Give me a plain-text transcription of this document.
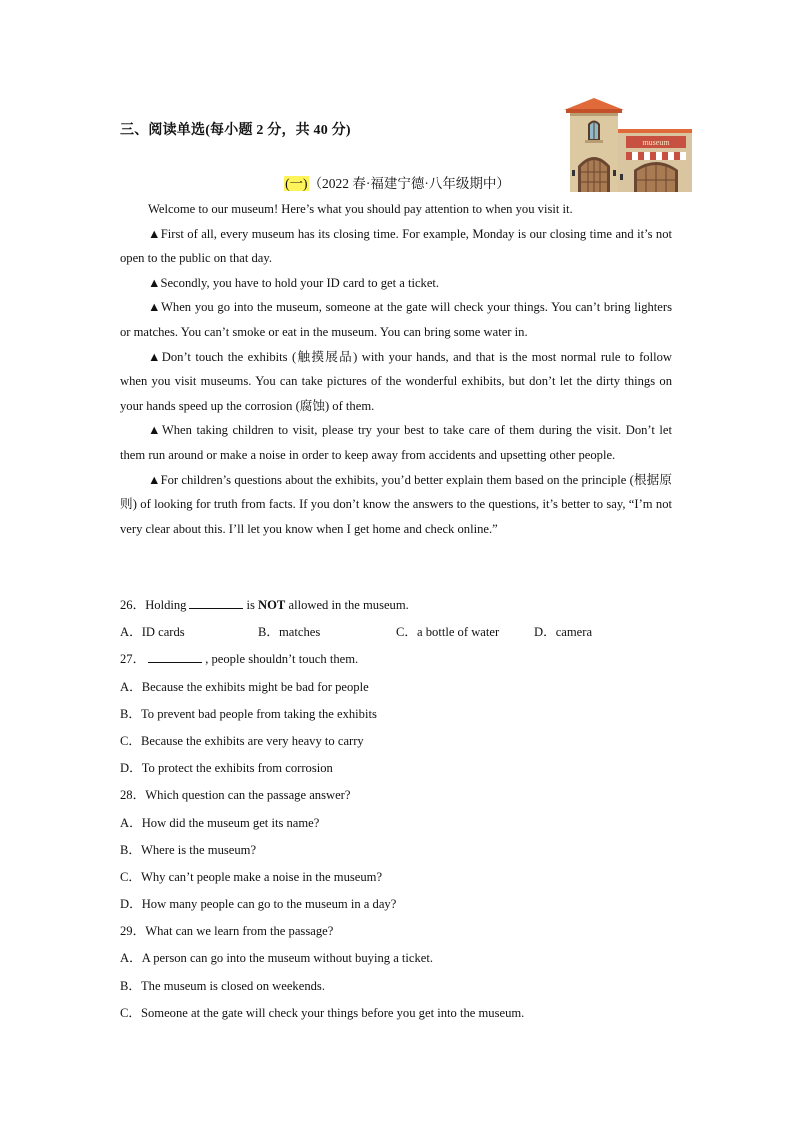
三、阅读单选(每小题 2 分，共 40 分)
museum
(一)（2022 春·福建宁德·八年级期中）

Welcome to our museum! Here’s what you should pay attention to when you visit it.

▲First of all, every museum has its closing time. For example, Monday is our closing time and it’s not open to the public on that day.

▲Secondly, you have to hold your ID card to get a ticket.

▲When you go into the museum, someone at the gate will check your things. You can’t bring lighters or matches. You can’t smoke or eat in the museum. You can bring some water in.

▲Don’t touch the exhibits (触摸展品) with your hands, and that is the most normal rule to follow when you visit museums. You can take pictures of the wonderful exhibits, but don’t let the dirty things on your hands speed up the corrosion (腐蚀) of them.

▲When taking children to visit, please try your best to take care of them during the visit. Don’t let them run around or make a noise in order to keep away from accidents and upsetting other people.

▲For children’s questions about the exhibits, you’d better explain them based on the principle (根据原则) of looking for truth from facts. If you don’t know the answers to the questions, it’s better to say, “I’m not very clear about this. I’ll let you know when I get home and check online.”

26．Holding	is NOT allowed in the museum.
A．ID cards	B．matches	C．a bottle of water	D．camera
27．	, people shouldn’t touch them.
A．Because the exhibits might be bad for people
B．To prevent bad people from taking the exhibits
C．Because the exhibits are very heavy to carry
D．To protect the exhibits from corrosion
28．Which question can the passage answer?
A．How did the museum get its name?
B．Where is the museum?
C．Why can’t people make a noise in the museum?
D．How many people can go to the museum in a day?
29．What can we learn from the passage?
A．A person can go into the museum without buying a ticket.
B．The museum is closed on weekends.
C．Someone at the gate will check your things before you get into the museum.
